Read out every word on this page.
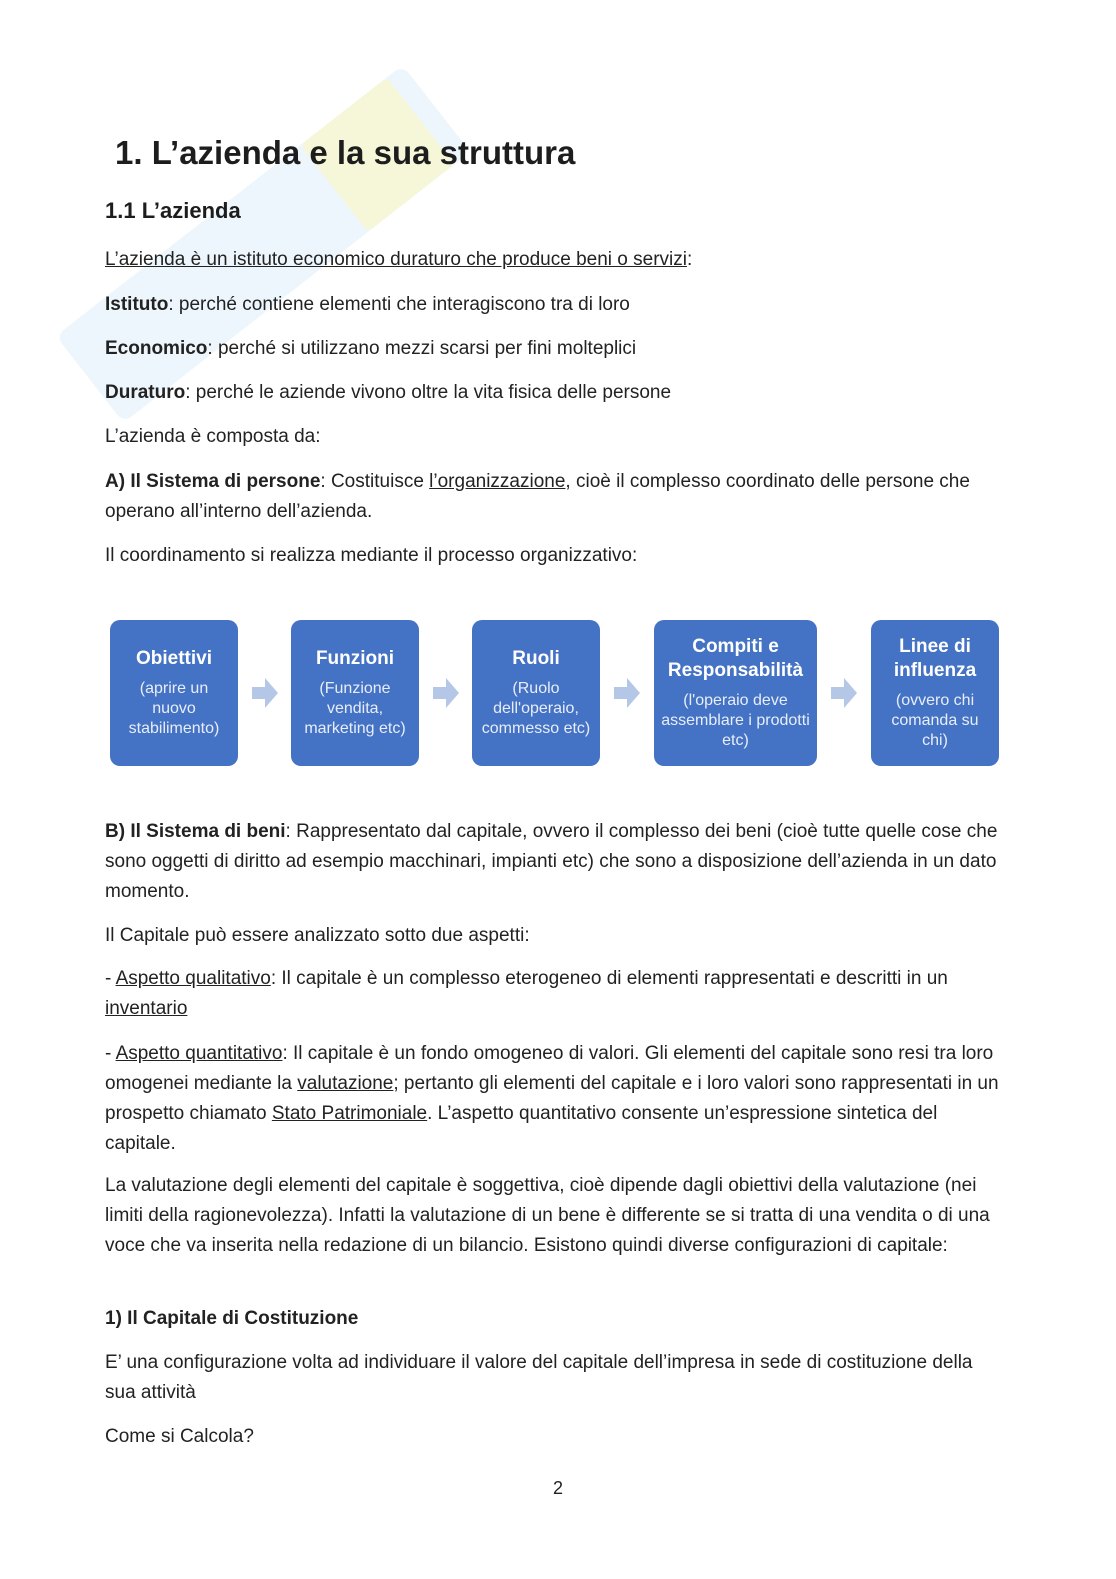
1. L’azienda e la sua struttura
1.1 L’azienda

L’azienda è un istituto economico duraturo che produce beni o servizi:

Istituto: perché contiene elementi che interagiscono tra di loro

Economico: perché si utilizzano mezzi scarsi per fini molteplici

Duraturo: perché le aziende vivono oltre la vita fisica delle persone

L’azienda è composta da:

A) Il Sistema di persone: Costituisce l’organizzazione, cioè il complesso coordinato delle persone che operano all’interno dell’azienda.

Il coordinamento si realizza mediante il processo organizzativo:

Obiettivi
(aprire un nuovo stabilimento)
Funzioni
(Funzione vendita, marketing etc)
Ruoli
(Ruolo dell'operaio, commesso etc)
Compiti e Responsabilità
(l'operaio deve assemblare i prodotti etc)
Linee di influenza
(ovvero chi comanda su chi)

B) Il Sistema di beni: Rappresentato dal capitale, ovvero il complesso dei beni (cioè tutte quelle cose che sono oggetti di diritto ad esempio macchinari, impianti etc) che sono a disposizione dell’azienda in un dato momento.

Il Capitale può essere analizzato sotto due aspetti:

- Aspetto qualitativo: Il capitale è un complesso eterogeneo di elementi rappresentati e descritti in un inventario

- Aspetto quantitativo: Il capitale è un fondo omogeneo di valori. Gli elementi del capitale sono resi tra loro omogenei mediante la valutazione; pertanto gli elementi del capitale e i loro valori sono rappresentati in un prospetto chiamato Stato Patrimoniale. L’aspetto quantitativo consente un’espressione sintetica del capitale.

La valutazione degli elementi del capitale è soggettiva, cioè dipende dagli obiettivi della valutazione (nei limiti della ragionevolezza). Infatti la valutazione di un bene è differente se si tratta di una vendita o di una voce che va inserita nella redazione di un bilancio. Esistono quindi diverse configurazioni di capitale:

1) Il Capitale di Costituzione

E’ una configurazione volta ad individuare il valore del capitale dell’impresa in sede di costituzione della sua attività

Come si Calcola?

2
